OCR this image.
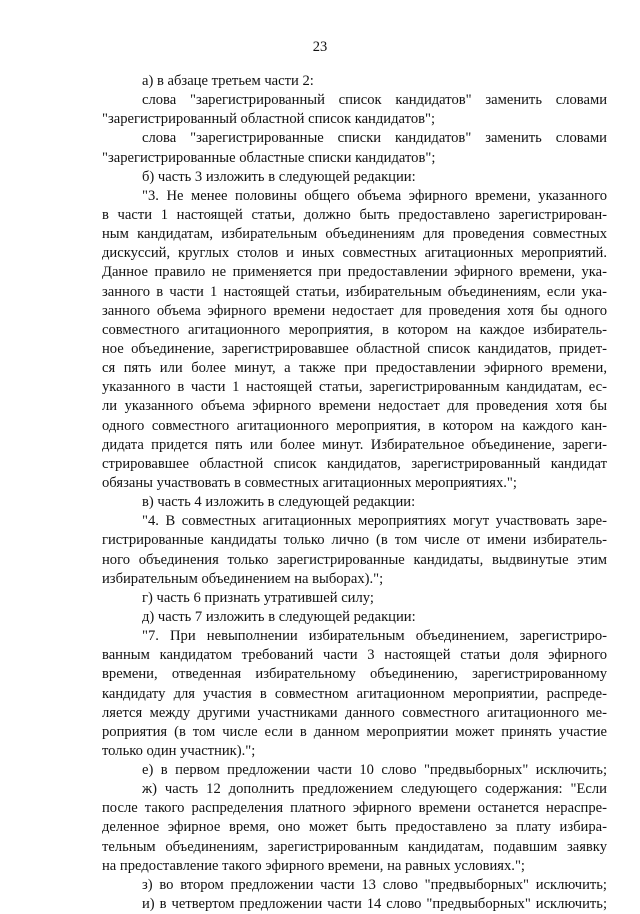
23
а) в абзаце третьем части 2:
слова "зарегистрированный список кандидатов" заменить словами
"зарегистрированный областной список кандидатов";
слова "зарегистрированные списки кандидатов" заменить словами
"зарегистрированные областные списки кандидатов";
б) часть 3 изложить в следующей редакции:
"3. Не менее половины общего объема эфирного времени, указанного
в части 1 настоящей статьи, должно быть предоставлено зарегистрирован-
ным кандидатам, избирательным объединениям для проведения совместных
дискуссий, круглых столов и иных совместных агитационных мероприятий.
Данное правило не применяется при предоставлении эфирного времени, ука-
занного в части 1 настоящей статьи, избирательным объединениям, если ука-
занного объема эфирного времени недостает для проведения хотя бы одного
совместного агитационного мероприятия, в котором на каждое избиратель-
ное объединение, зарегистрировавшее областной список кандидатов, придет-
ся пять или более минут, а также при предоставлении эфирного времени,
указанного в части 1 настоящей статьи, зарегистрированным кандидатам, ес-
ли указанного объема эфирного времени недостает для проведения хотя бы
одного совместного агитационного мероприятия, в котором на каждого кан-
дидата придется пять или более минут. Избирательное объединение, зареги-
стрировавшее областной список кандидатов, зарегистрированный кандидат
обязаны участвовать в совместных агитационных мероприятиях.";
в) часть 4 изложить в следующей редакции:
"4. В совместных агитационных мероприятиях могут участвовать заре-
гистрированные кандидаты только лично (в том числе от имени избиратель-
ного объединения только зарегистрированные кандидаты, выдвинутые этим
избирательным объединением на выборах).";
г) часть 6 признать утратившей силу;
д) часть 7 изложить в следующей редакции:
"7. При невыполнении избирательным объединением, зарегистриро-
ванным кандидатом требований части 3 настоящей статьи доля эфирного
времени, отведенная избирательному объединению, зарегистрированному
кандидату для участия в совместном агитационном мероприятии, распреде-
ляется между другими участниками данного совместного агитационного ме-
роприятия (в том числе если в данном мероприятии может принять участие
только один участник).";
е) в первом предложении части 10 слово "предвыборных" исключить;
ж) часть 12 дополнить предложением следующего содержания: "Если
после такого распределения платного эфирного времени останется нераспре-
деленное эфирное время, оно может быть предоставлено за плату избира-
тельным объединениям, зарегистрированным кандидатам, подавшим заявку
на предоставление такого эфирного времени, на равных условиях.";
з) во втором предложении части 13 слово "предвыборных" исключить;
и) в четвертом предложении части 14 слово "предвыборных" исключить;
